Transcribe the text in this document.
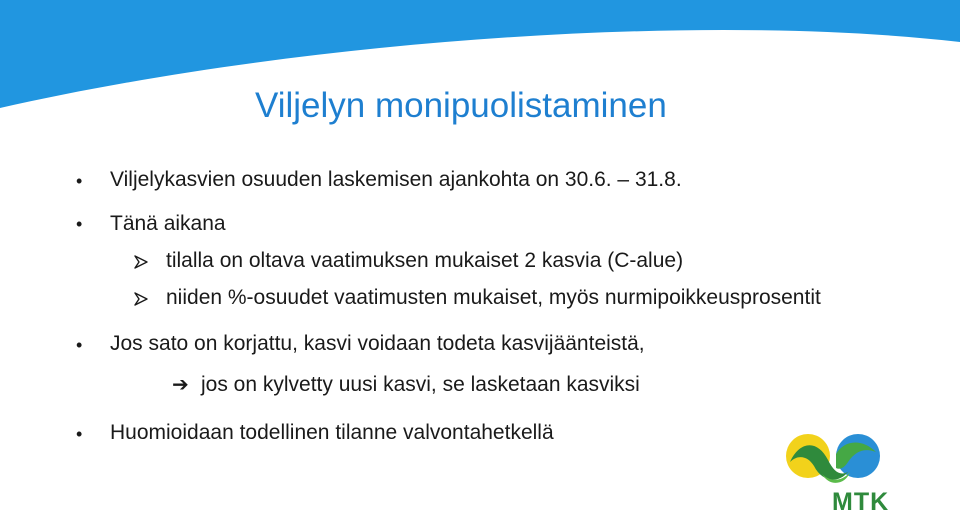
Viljelyn monipuolistaminen
• Viljelykasvien osuuden laskemisen ajankohta on 30.6. – 31.8.
• Tänä aikana
tilalla on oltava vaatimuksen mukaiset 2 kasvia (C-alue)
niiden %-osuudet vaatimusten mukaiset, myös nurmipoikkeusprosentit
• Jos sato on korjattu, kasvi voidaan todeta kasvijäänteistä,
➔ jos on kylvetty uusi kasvi, se lasketaan kasviksi
• Huomioidaan todellinen tilanne valvontahetkellä
MTK
